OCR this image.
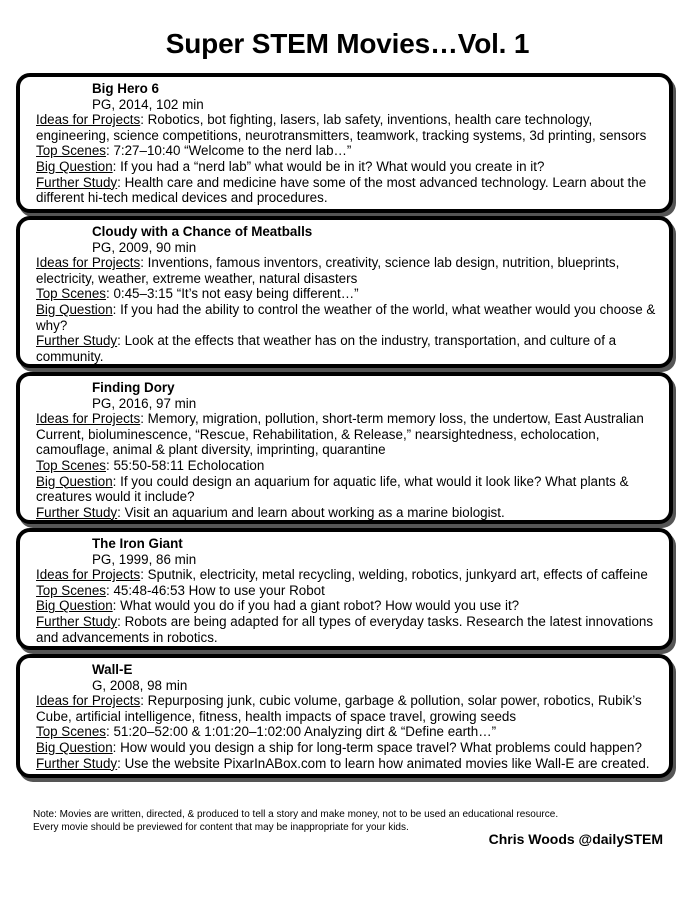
Super STEM Movies…Vol. 1
Big Hero 6
PG, 2014, 102 min
Ideas for Projects: Robotics, bot fighting, lasers, lab safety, inventions, health care technology, engineering, science competitions, neurotransmitters, teamwork, tracking systems, 3d printing, sensors
Top Scenes: 7:27–10:40 “Welcome to the nerd lab…”
Big Question: If you had a “nerd lab” what would be in it? What would you create in it?
Further Study: Health care and medicine have some of the most advanced technology. Learn about the different hi-tech medical devices and procedures.
Cloudy with a Chance of Meatballs
PG, 2009, 90 min
Ideas for Projects: Inventions, famous inventors, creativity, science lab design, nutrition, blueprints, electricity, weather, extreme weather, natural disasters
Top Scenes: 0:45–3:15 “It’s not easy being different…”
Big Question: If you had the ability to control the weather of the world, what weather would you choose & why?
Further Study: Look at the effects that weather has on the industry, transportation, and culture of a community.
Finding Dory
PG, 2016, 97 min
Ideas for Projects: Memory, migration, pollution, short-term memory loss, the undertow, East Australian Current, bioluminescence, “Rescue, Rehabilitation, & Release,” nearsightedness, echolocation, camouflage, animal & plant diversity, imprinting, quarantine
Top Scenes: 55:50-58:11 Echolocation
Big Question: If you could design an aquarium for aquatic life, what would it look like? What plants & creatures would it include?
Further Study: Visit an aquarium and learn about working as a marine biologist.
The Iron Giant
PG, 1999, 86 min
Ideas for Projects: Sputnik, electricity, metal recycling, welding, robotics, junkyard art, effects of caffeine
Top Scenes: 45:48-46:53 How to use your Robot
Big Question: What would you do if you had a giant robot? How would you use it?
Further Study: Robots are being adapted for all types of everyday tasks. Research the latest innovations and advancements in robotics.
Wall-E
G, 2008, 98 min
Ideas for Projects: Repurposing junk, cubic volume, garbage & pollution, solar power, robotics, Rubik’s Cube, artificial intelligence, fitness, health impacts of space travel, growing seeds
Top Scenes: 51:20–52:00 & 1:01:20–1:02:00 Analyzing dirt & “Define earth…”
Big Question: How would you design a ship for long-term space travel? What problems could happen?
Further Study: Use the website PixarInABox.com to learn how animated movies like Wall-E are created.
Note: Movies are written, directed, & produced to tell a story and make money, not to be used an educational resource.
Every movie should be previewed for content that may be inappropriate for your kids.
Chris Woods @dailySTEM
